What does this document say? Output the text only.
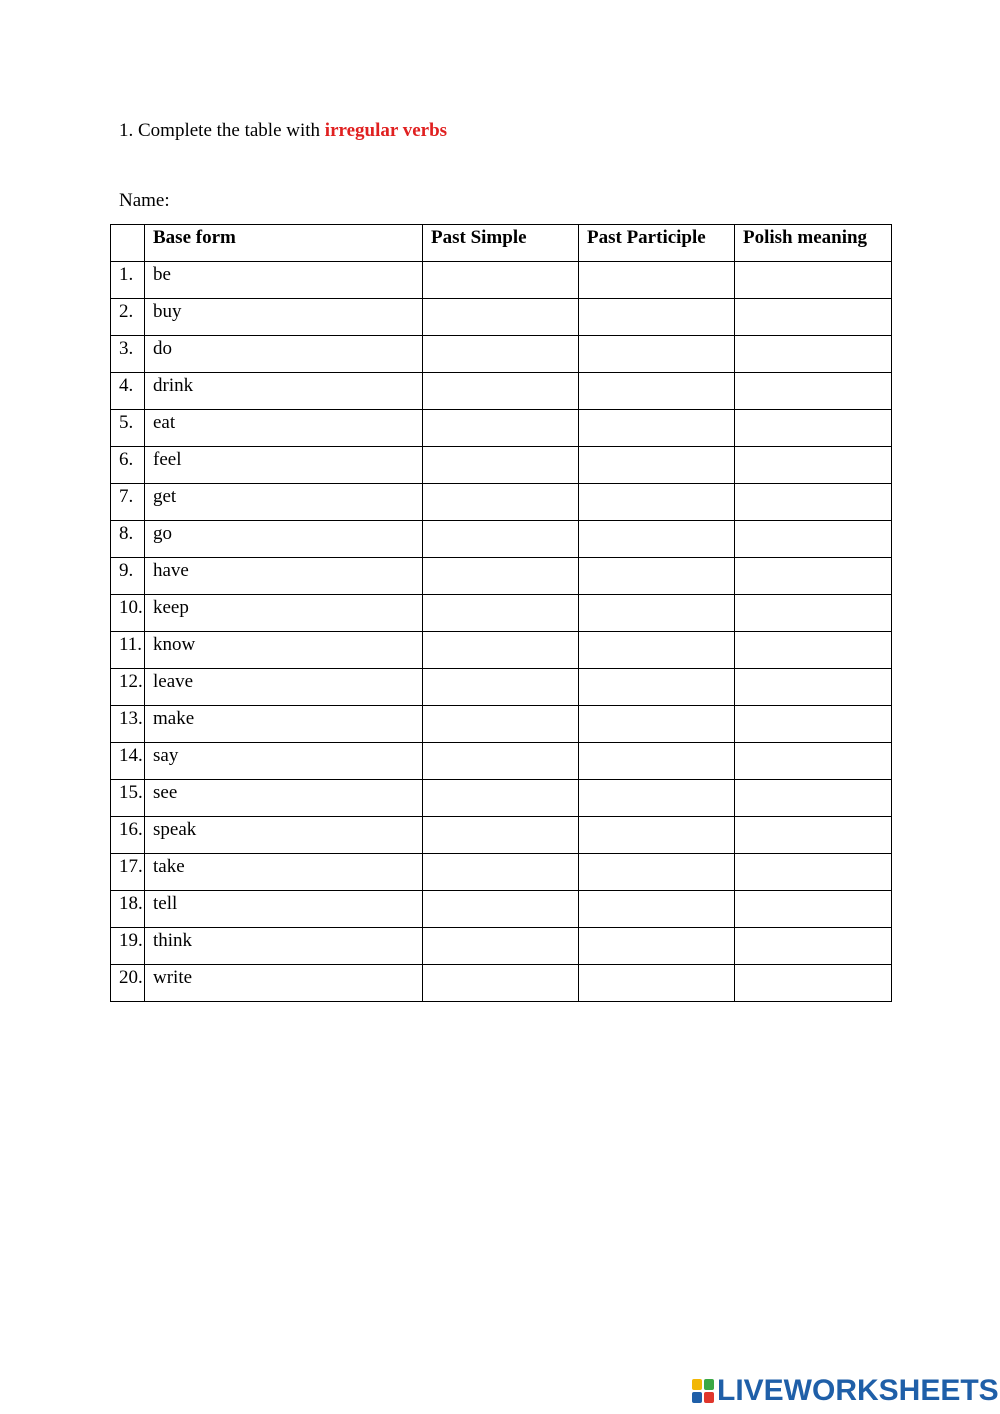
1. Complete the table with irregular verbs
Name:
	Base form	Past Simple	Past Participle	Polish meaning
1.	be			
2.	buy			
3.	do			
4.	drink			
5.	eat			
6.	feel			
7.	get			
8.	go			
9.	have			
10.	keep			
11.	know			
12.	leave			
13.	make			
14.	say			
15.	see			
16.	speak			
17.	take			
18.	tell			
19.	think			
20.	write			
LIVEWORKSHEETS
